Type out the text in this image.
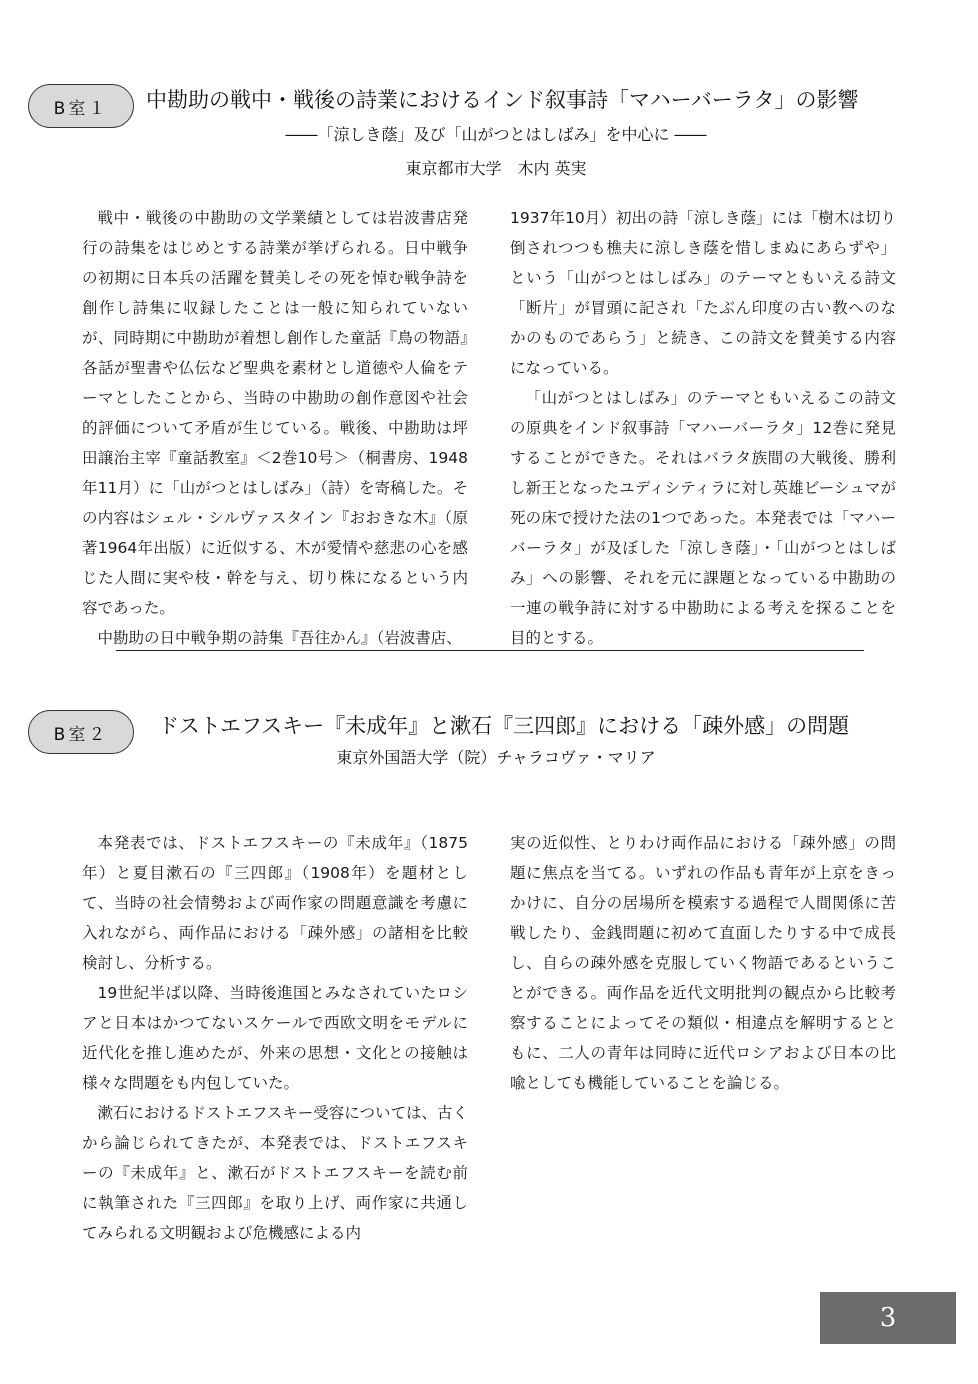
B室１	中勘助の戦中・戦後の詩業におけるインド叙事詩「マハーバーラタ」の影響
――「涼しき蔭」及び「山がつとはしばみ」を中心に ――
東京都市大学　木内 英実

戦中・戦後の中勘助の文学業績としては岩波書店発行の詩集をはじめとする詩業が挙げられる。日中戦争の初期に日本兵の活躍を賛美しその死を悼む戦争詩を創作し詩集に収録したことは一般に知られていないが、同時期に中勘助が着想し創作した童話『鳥の物語』各話が聖書や仏伝など聖典を素材とし道徳や人倫をテーマとしたことから、当時の中勘助の創作意図や社会的評価について矛盾が生じている。戦後、中勘助は坪田譲治主宰『童話教室』＜2巻10号＞（桐書房、1948年11月）に「山がつとはしばみ」（詩）を寄稿した。その内容はシェル・シルヴァスタイン『おおきな木』（原著1964年出版）に近似する、木が愛情や慈悲の心を感じた人間に実や枝・幹を与え、切り株になるという内容であった。

中勘助の日中戦争期の詩集『吾往かん』（岩波書店、

1937年10月）初出の詩「涼しき蔭」には「樹木は切り倒されつつも樵夫に涼しき蔭を惜しまぬにあらずや」という「山がつとはしばみ」のテーマともいえる詩文「断片」が冒頭に記され「たぶん印度の古い教へのなかのものであらう」と続き、この詩文を賛美する内容になっている。

「山がつとはしばみ」のテーマともいえるこの詩文の原典をインド叙事詩「マハーバーラタ」12巻に発見することができた。それはバラタ族間の大戦後、勝利し新王となったユディシティラに対し英雄ビーシュマが死の床で授けた法の1つであった。本発表では「マハーバーラタ」が及ぼした「涼しき蔭」・「山がつとはしばみ」への影響、それを元に課題となっている中勘助の一連の戦争詩に対する中勘助による考えを探ることを目的とする。

B室２	ドストエフスキー『未成年』と漱石『三四郎』における「疎外感」の問題
東京外国語大学（院）チャラコヴァ・マリア

本発表では、ドストエフスキーの『未成年』（1875年）と夏目漱石の『三四郎』（1908年）を題材として、当時の社会情勢および両作家の問題意識を考慮に入れながら、両作品における「疎外感」の諸相を比較検討し、分析する。

19世紀半ば以降、当時後進国とみなされていたロシアと日本はかつてないスケールで西欧文明をモデルに近代化を推し進めたが、外来の思想・文化との接触は様々な問題をも内包していた。

漱石におけるドストエフスキー受容については、古くから論じられてきたが、本発表では、ドストエフスキーの『未成年』と、漱石がドストエフスキーを読む前に執筆された『三四郎』を取り上げ、両作家に共通してみられる文明観および危機感による内

実の近似性、とりわけ両作品における「疎外感」の問題に焦点を当てる。いずれの作品も青年が上京をきっかけに、自分の居場所を模索する過程で人間関係に苦戦したり、金銭問題に初めて直面したりする中で成長し、自らの疎外感を克服していく物語であるということができる。両作品を近代文明批判の観点から比較考察することによってその類似・相違点を解明するとともに、二人の青年は同時に近代ロシアおよび日本の比喩としても機能していることを論じる。

3
